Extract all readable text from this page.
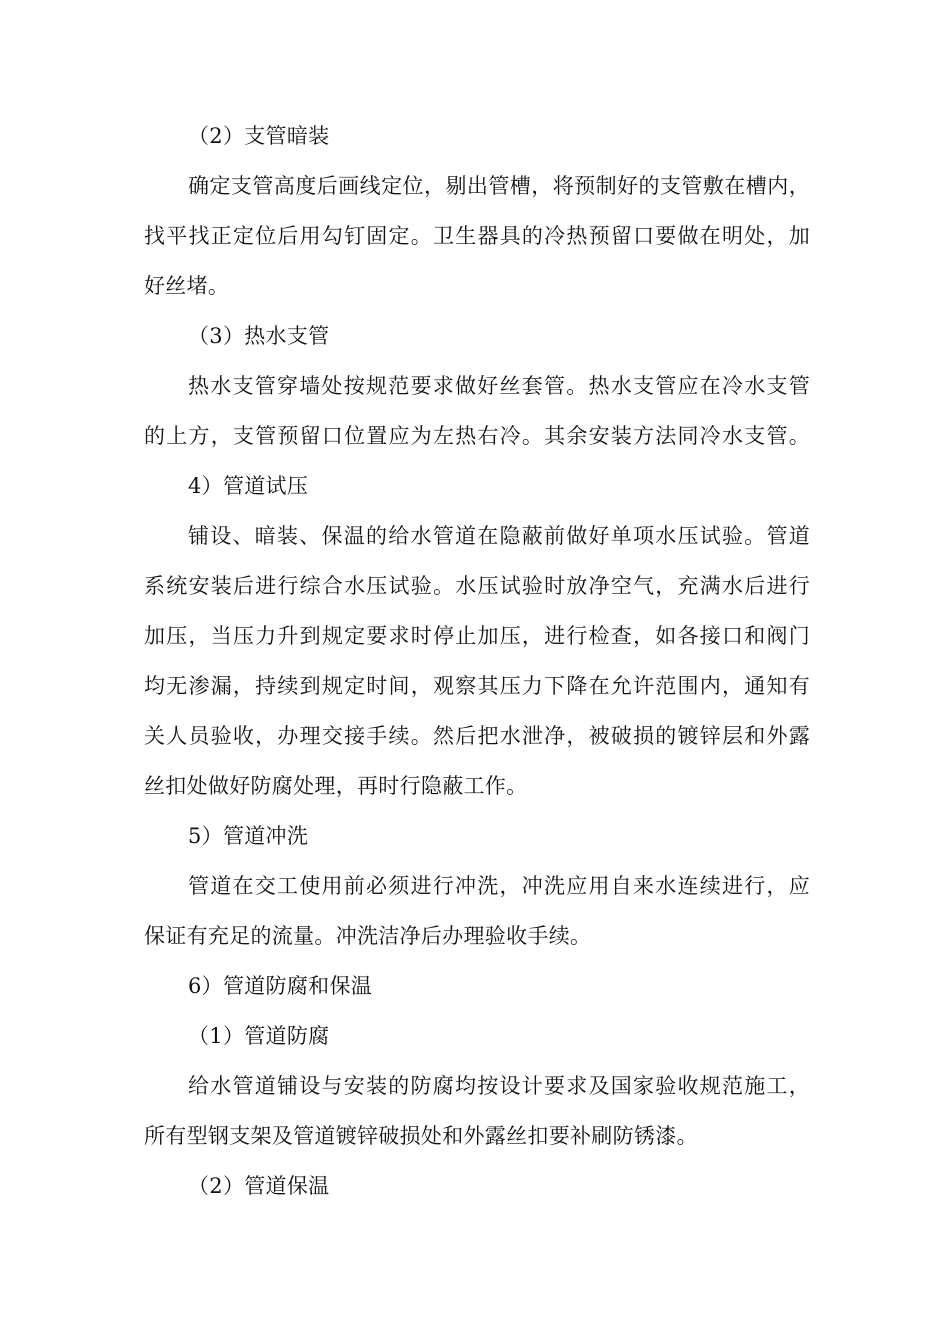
（2）支管暗装
确定支管高度后画线定位，剔出管槽，将预制好的支管敷在槽内，
找平找正定位后用勾钉固定。卫生器具的冷热预留口要做在明处，加
好丝堵。
（3）热水支管
热水支管穿墙处按规范要求做好丝套管。热水支管应在冷水支管
的上方，支管预留口位置应为左热右冷。其余安装方法同冷水支管。
4）管道试压
铺设、暗装、保温的给水管道在隐蔽前做好单项水压试验。管道
系统安装后进行综合水压试验。水压试验时放净空气，充满水后进行
加压，当压力升到规定要求时停止加压，进行检查，如各接口和阀门
均无渗漏，持续到规定时间，观察其压力下降在允许范围内，通知有
关人员验收，办理交接手续。然后把水泄净，被破损的镀锌层和外露
丝扣处做好防腐处理，再时行隐蔽工作。
5）管道冲洗
管道在交工使用前必须进行冲洗，冲洗应用自来水连续进行，应
保证有充足的流量。冲洗洁净后办理验收手续。
6）管道防腐和保温
（1）管道防腐
给水管道铺设与安装的防腐均按设计要求及国家验收规范施工，
所有型钢支架及管道镀锌破损处和外露丝扣要补刷防锈漆。
（2）管道保温
